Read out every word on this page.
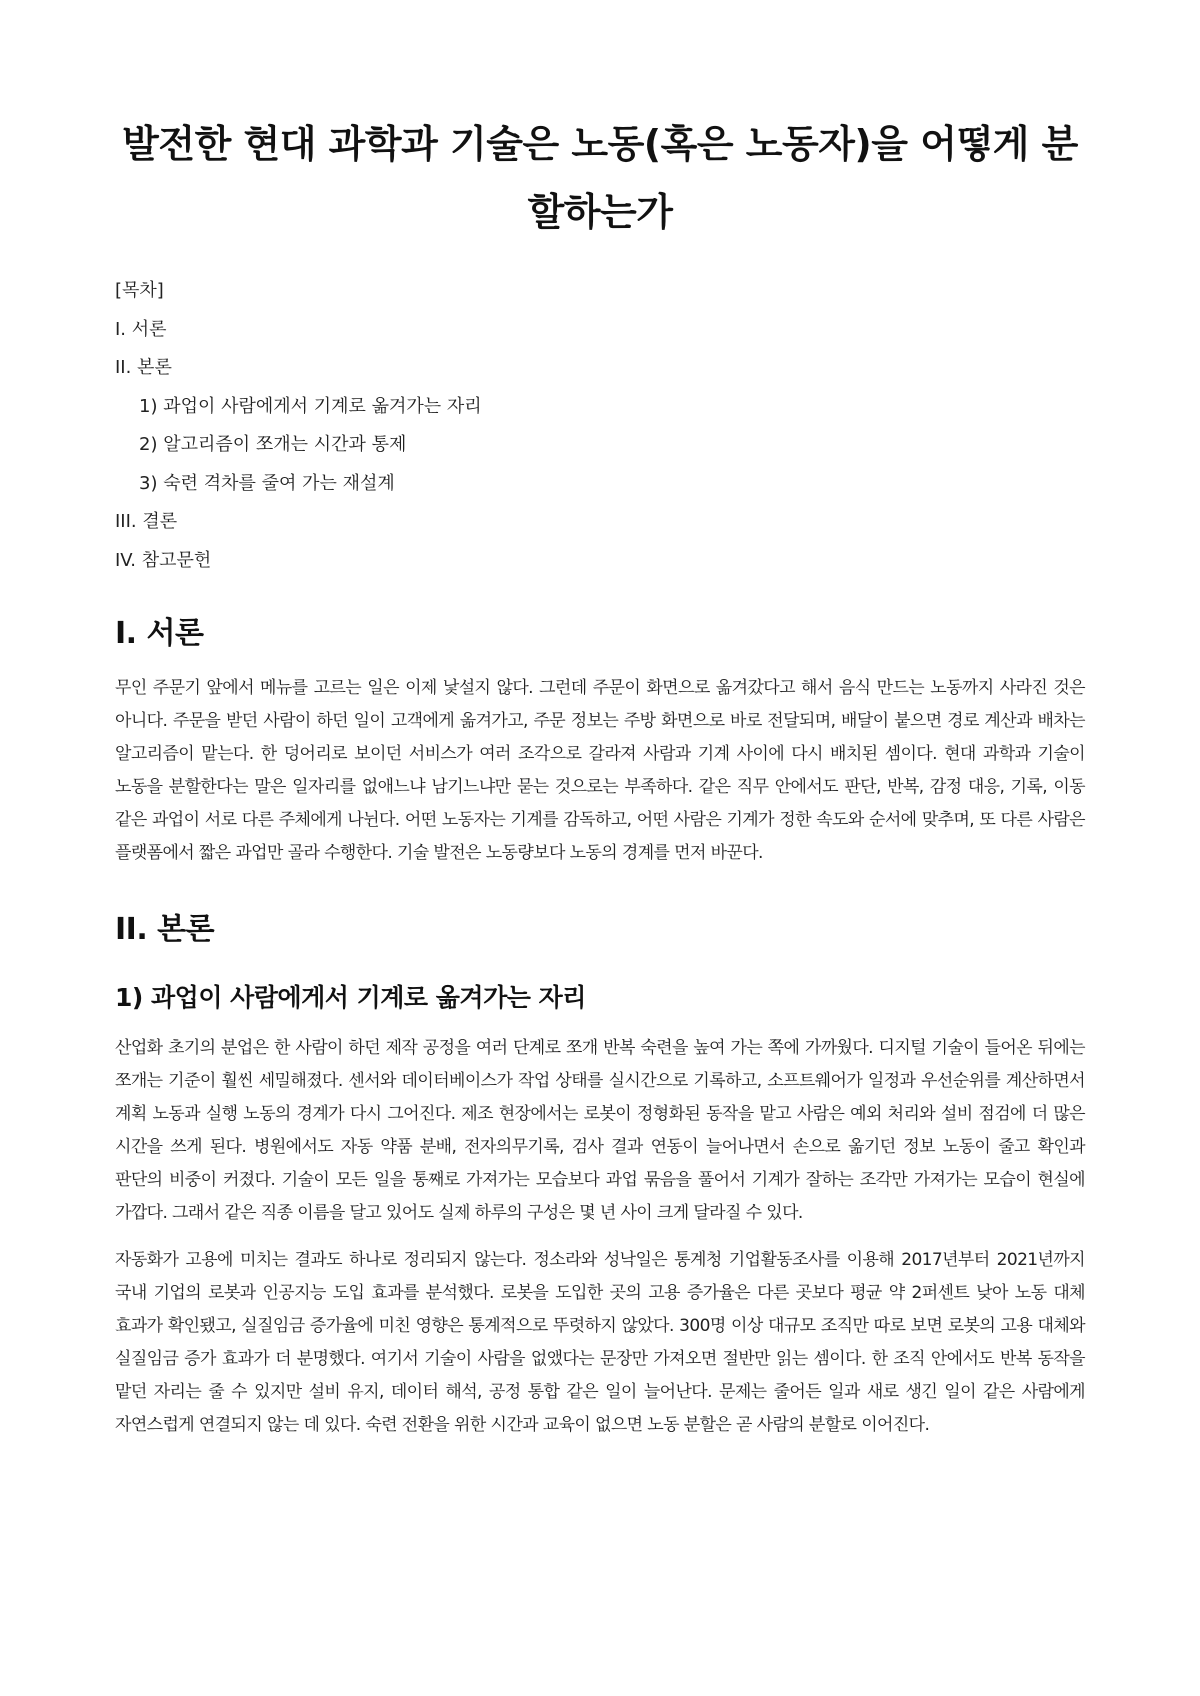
발전한 현대 과학과 기술은 노동(혹은 노동자)을 어떻게 분할하는가
[목차]
I. 서론
II. 본론
1) 과업이 사람에게서 기계로 옮겨가는 자리
2) 알고리즘이 쪼개는 시간과 통제
3) 숙련 격차를 줄여 가는 재설계
III. 결론
IV. 참고문헌
I. 서론

무인 주문기 앞에서 메뉴를 고르는 일은 이제 낯설지 않다. 그런데 주문이 화면으로 옮겨갔다고 해서 음식 만드는 노동까지 사라진 것은 아니다. 주문을 받던 사람이 하던 일이 고객에게 옮겨가고, 주문 정보는 주방 화면으로 바로 전달되며, 배달이 붙으면 경로 계산과 배차는 알고리즘이 맡는다. 한 덩어리로 보이던 서비스가 여러 조각으로 갈라져 사람과 기계 사이에 다시 배치된 셈이다. 현대 과학과 기술이 노동을 분할한다는 말은 일자리를 없애느냐 남기느냐만 묻는 것으로는 부족하다. 같은 직무 안에서도 판단, 반복, 감정 대응, 기록, 이동 같은 과업이 서로 다른 주체에게 나뉜다. 어떤 노동자는 기계를 감독하고, 어떤 사람은 기계가 정한 속도와 순서에 맞추며, 또 다른 사람은 플랫폼에서 짧은 과업만 골라 수행한다. 기술 발전은 노동량보다 노동의 경계를 먼저 바꾼다.

II. 본론
1) 과업이 사람에게서 기계로 옮겨가는 자리

산업화 초기의 분업은 한 사람이 하던 제작 공정을 여러 단계로 쪼개 반복 숙련을 높여 가는 쪽에 가까웠다. 디지털 기술이 들어온 뒤에는 쪼개는 기준이 훨씬 세밀해졌다. 센서와 데이터베이스가 작업 상태를 실시간으로 기록하고, 소프트웨어가 일정과 우선순위를 계산하면서 계획 노동과 실행 노동의 경계가 다시 그어진다. 제조 현장에서는 로봇이 정형화된 동작을 맡고 사람은 예외 처리와 설비 점검에 더 많은 시간을 쓰게 된다. 병원에서도 자동 약품 분배, 전자의무기록, 검사 결과 연동이 늘어나면서 손으로 옮기던 정보 노동이 줄고 확인과 판단의 비중이 커졌다. 기술이 모든 일을 통째로 가져가는 모습보다 과업 묶음을 풀어서 기계가 잘하는 조각만 가져가는 모습이 현실에 가깝다. 그래서 같은 직종 이름을 달고 있어도 실제 하루의 구성은 몇 년 사이 크게 달라질 수 있다.

자동화가 고용에 미치는 결과도 하나로 정리되지 않는다. 정소라와 성낙일은 통계청 기업활동조사를 이용해 2017년부터 2021년까지 국내 기업의 로봇과 인공지능 도입 효과를 분석했다. 로봇을 도입한 곳의 고용 증가율은 다른 곳보다 평균 약 2퍼센트 낮아 노동 대체 효과가 확인됐고, 실질임금 증가율에 미친 영향은 통계적으로 뚜렷하지 않았다. 300명 이상 대규모 조직만 따로 보면 로봇의 고용 대체와 실질임금 증가 효과가 더 분명했다. 여기서 기술이 사람을 없앴다는 문장만 가져오면 절반만 읽는 셈이다. 한 조직 안에서도 반복 동작을 맡던 자리는 줄 수 있지만 설비 유지, 데이터 해석, 공정 통합 같은 일이 늘어난다. 문제는 줄어든 일과 새로 생긴 일이 같은 사람에게 자연스럽게 연결되지 않는 데 있다. 숙련 전환을 위한 시간과 교육이 없으면 노동 분할은 곧 사람의 분할로 이어진다.
